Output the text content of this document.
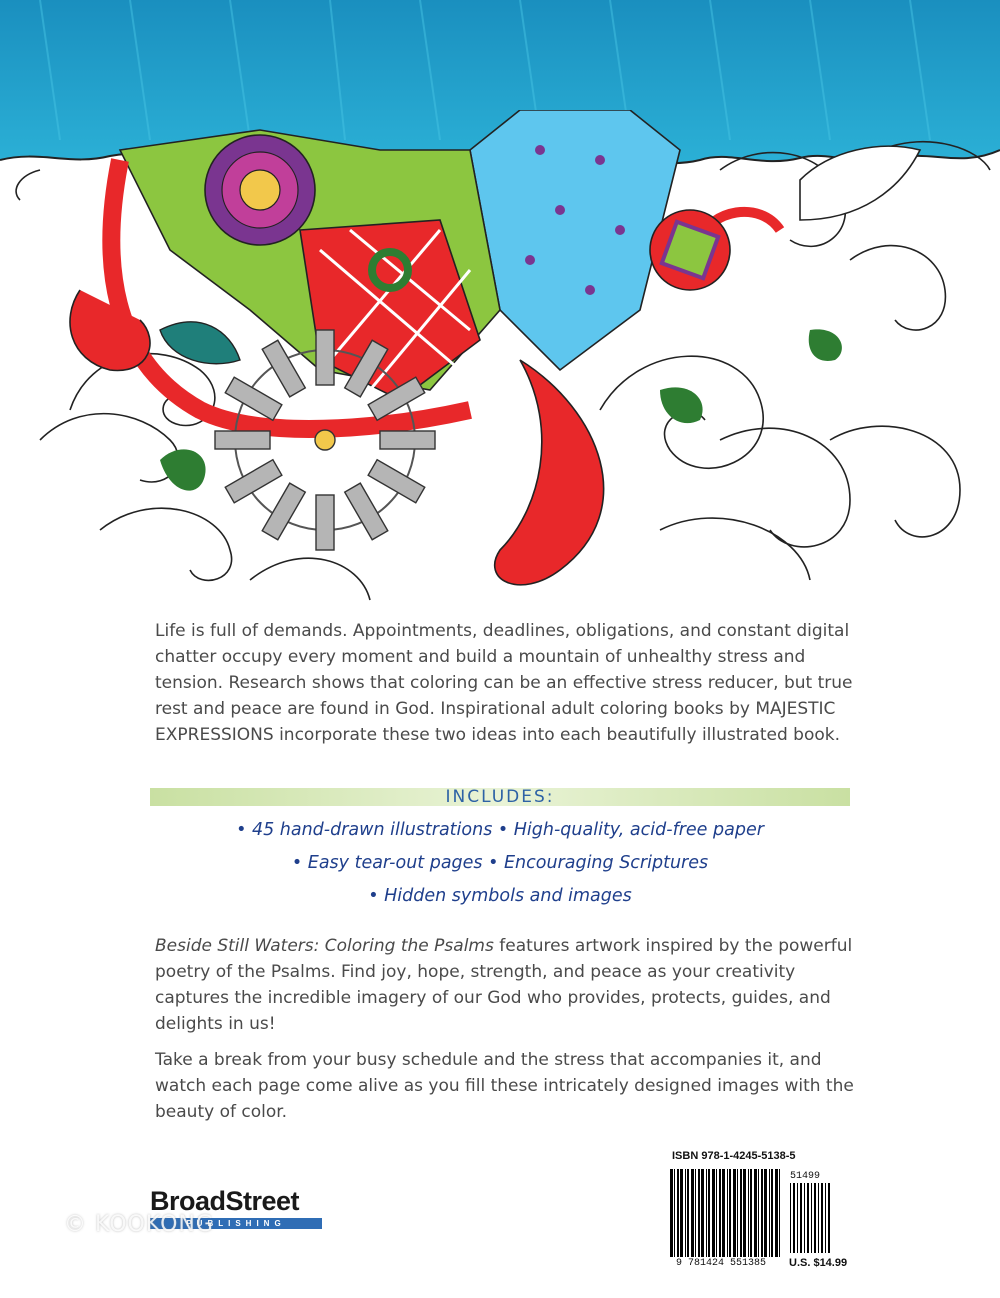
Life is full of demands. Appointments, deadlines, obligations, and constant digital chatter occupy every moment and build a mountain of unhealthy stress and tension. Research shows that coloring can be an effective stress reducer, but true rest and peace are found in God. Inspirational adult coloring books by MAJESTIC EXPRESSIONS incorporate these two ideas into each beautifully illustrated book.

INCLUDES:
• 45 hand-drawn illustrations • High-quality, acid-free paper
• Easy tear-out pages • Encouraging Scriptures
• Hidden symbols and images

Beside Still Waters: Coloring the Psalms features artwork inspired by the powerful poetry of the Psalms. Find joy, hope, strength, and peace as your creativity captures the incredible imagery of our God who provides, protects, guides, and delights in us!

Take a break from your busy schedule and the stress that accompanies it, and watch each page come alive as you fill these intricately designed images with the beauty of color.

BroadStreet
PUBLISHING
© KOOKONG
ISBN 978-1-4245-5138-5
51499
9 781424 551385 U.S. $14.99
